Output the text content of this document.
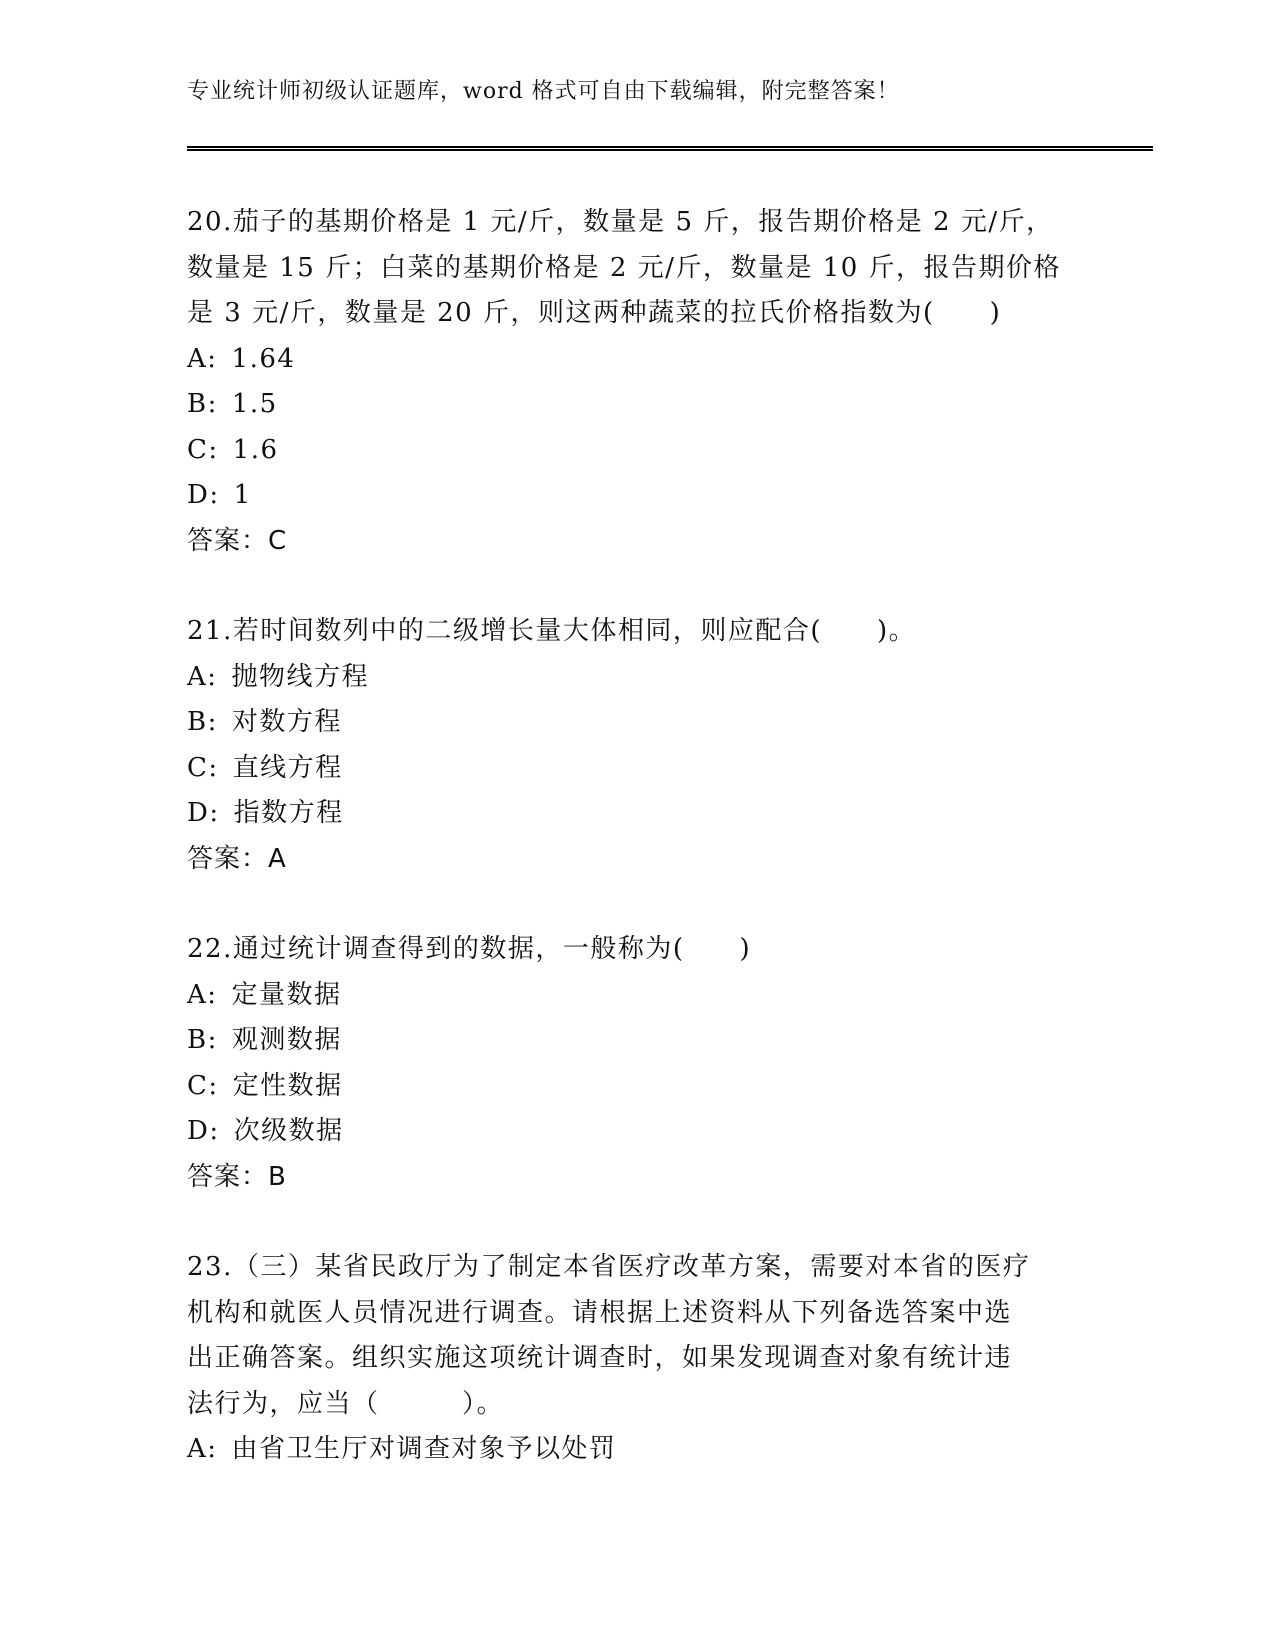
专业统计师初级认证题库，word 格式可自由下载编辑，附完整答案！

20.茄子的基期价格是 1 元/斤，数量是 5 斤，报告期价格是 2 元/斤，
数量是 15 斤；白菜的基期价格是 2 元/斤，数量是 10 斤，报告期价格
是 3 元/斤，数量是 20 斤，则这两种蔬菜的拉氏价格指数为(　　)

A: 1.64

B: 1.5

C: 1.6

D: 1

答案：C

21.若时间数列中的二级增长量大体相同，则应配合(　　)。

A: 抛物线方程

B: 对数方程

C: 直线方程

D: 指数方程

答案：A

22.通过统计调查得到的数据，一般称为(　　)

A: 定量数据

B: 观测数据

C: 定性数据

D: 次级数据

答案：B

23.（三）某省民政厅为了制定本省医疗改革方案，需要对本省的医疗
机构和就医人员情况进行调查。请根据上述资料从下列备选答案中选
出正确答案。组织实施这项统计调查时，如果发现调查对象有统计违
法行为，应当（　　　）。

A: 由省卫生厅对调查对象予以处罚
